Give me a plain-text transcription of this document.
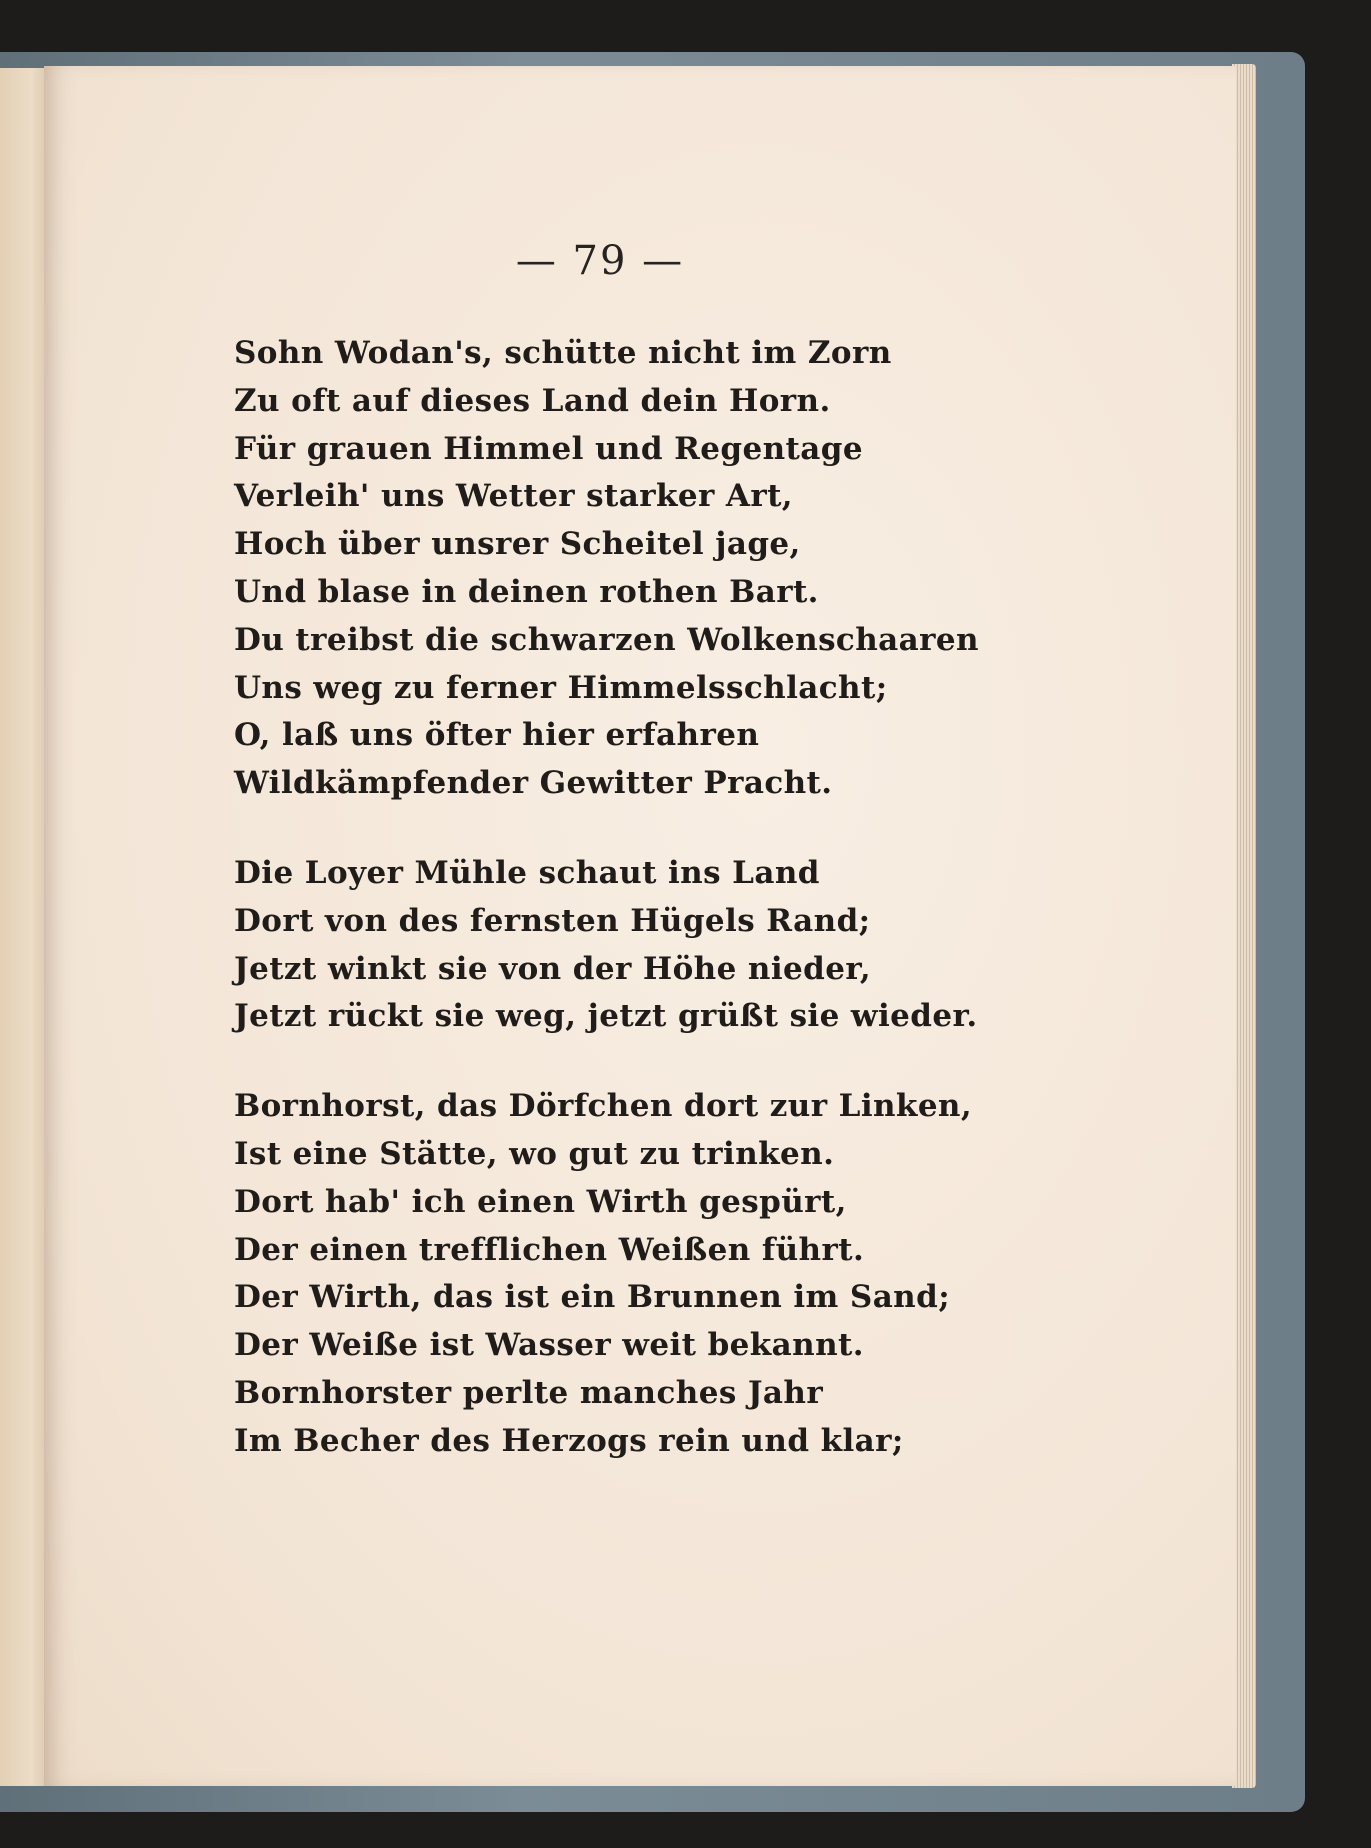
— 79 —
Sohn Wodan's, schütte nicht im Zorn
Zu oft auf dieses Land dein Horn.
Für grauen Himmel und Regentage
Verleih' uns Wetter starker Art,
Hoch über unsrer Scheitel jage,
Und blase in deinen rothen Bart.
Du treibst die schwarzen Wolkenschaaren
Uns weg zu ferner Himmelsschlacht;
O, laß uns öfter hier erfahren
Wildkämpfender Gewitter Pracht.
Die Loyer Mühle schaut ins Land
Dort von des fernsten Hügels Rand;
Jetzt winkt sie von der Höhe nieder,
Jetzt rückt sie weg, jetzt grüßt sie wieder.
Bornhorst, das Dörfchen dort zur Linken,
Ist eine Stätte, wo gut zu trinken.
Dort hab' ich einen Wirth gespürt,
Der einen trefflichen Weißen führt.
Der Wirth, das ist ein Brunnen im Sand;
Der Weiße ist Wasser weit bekannt.
Bornhorster perlte manches Jahr
Im Becher des Herzogs rein und klar;
